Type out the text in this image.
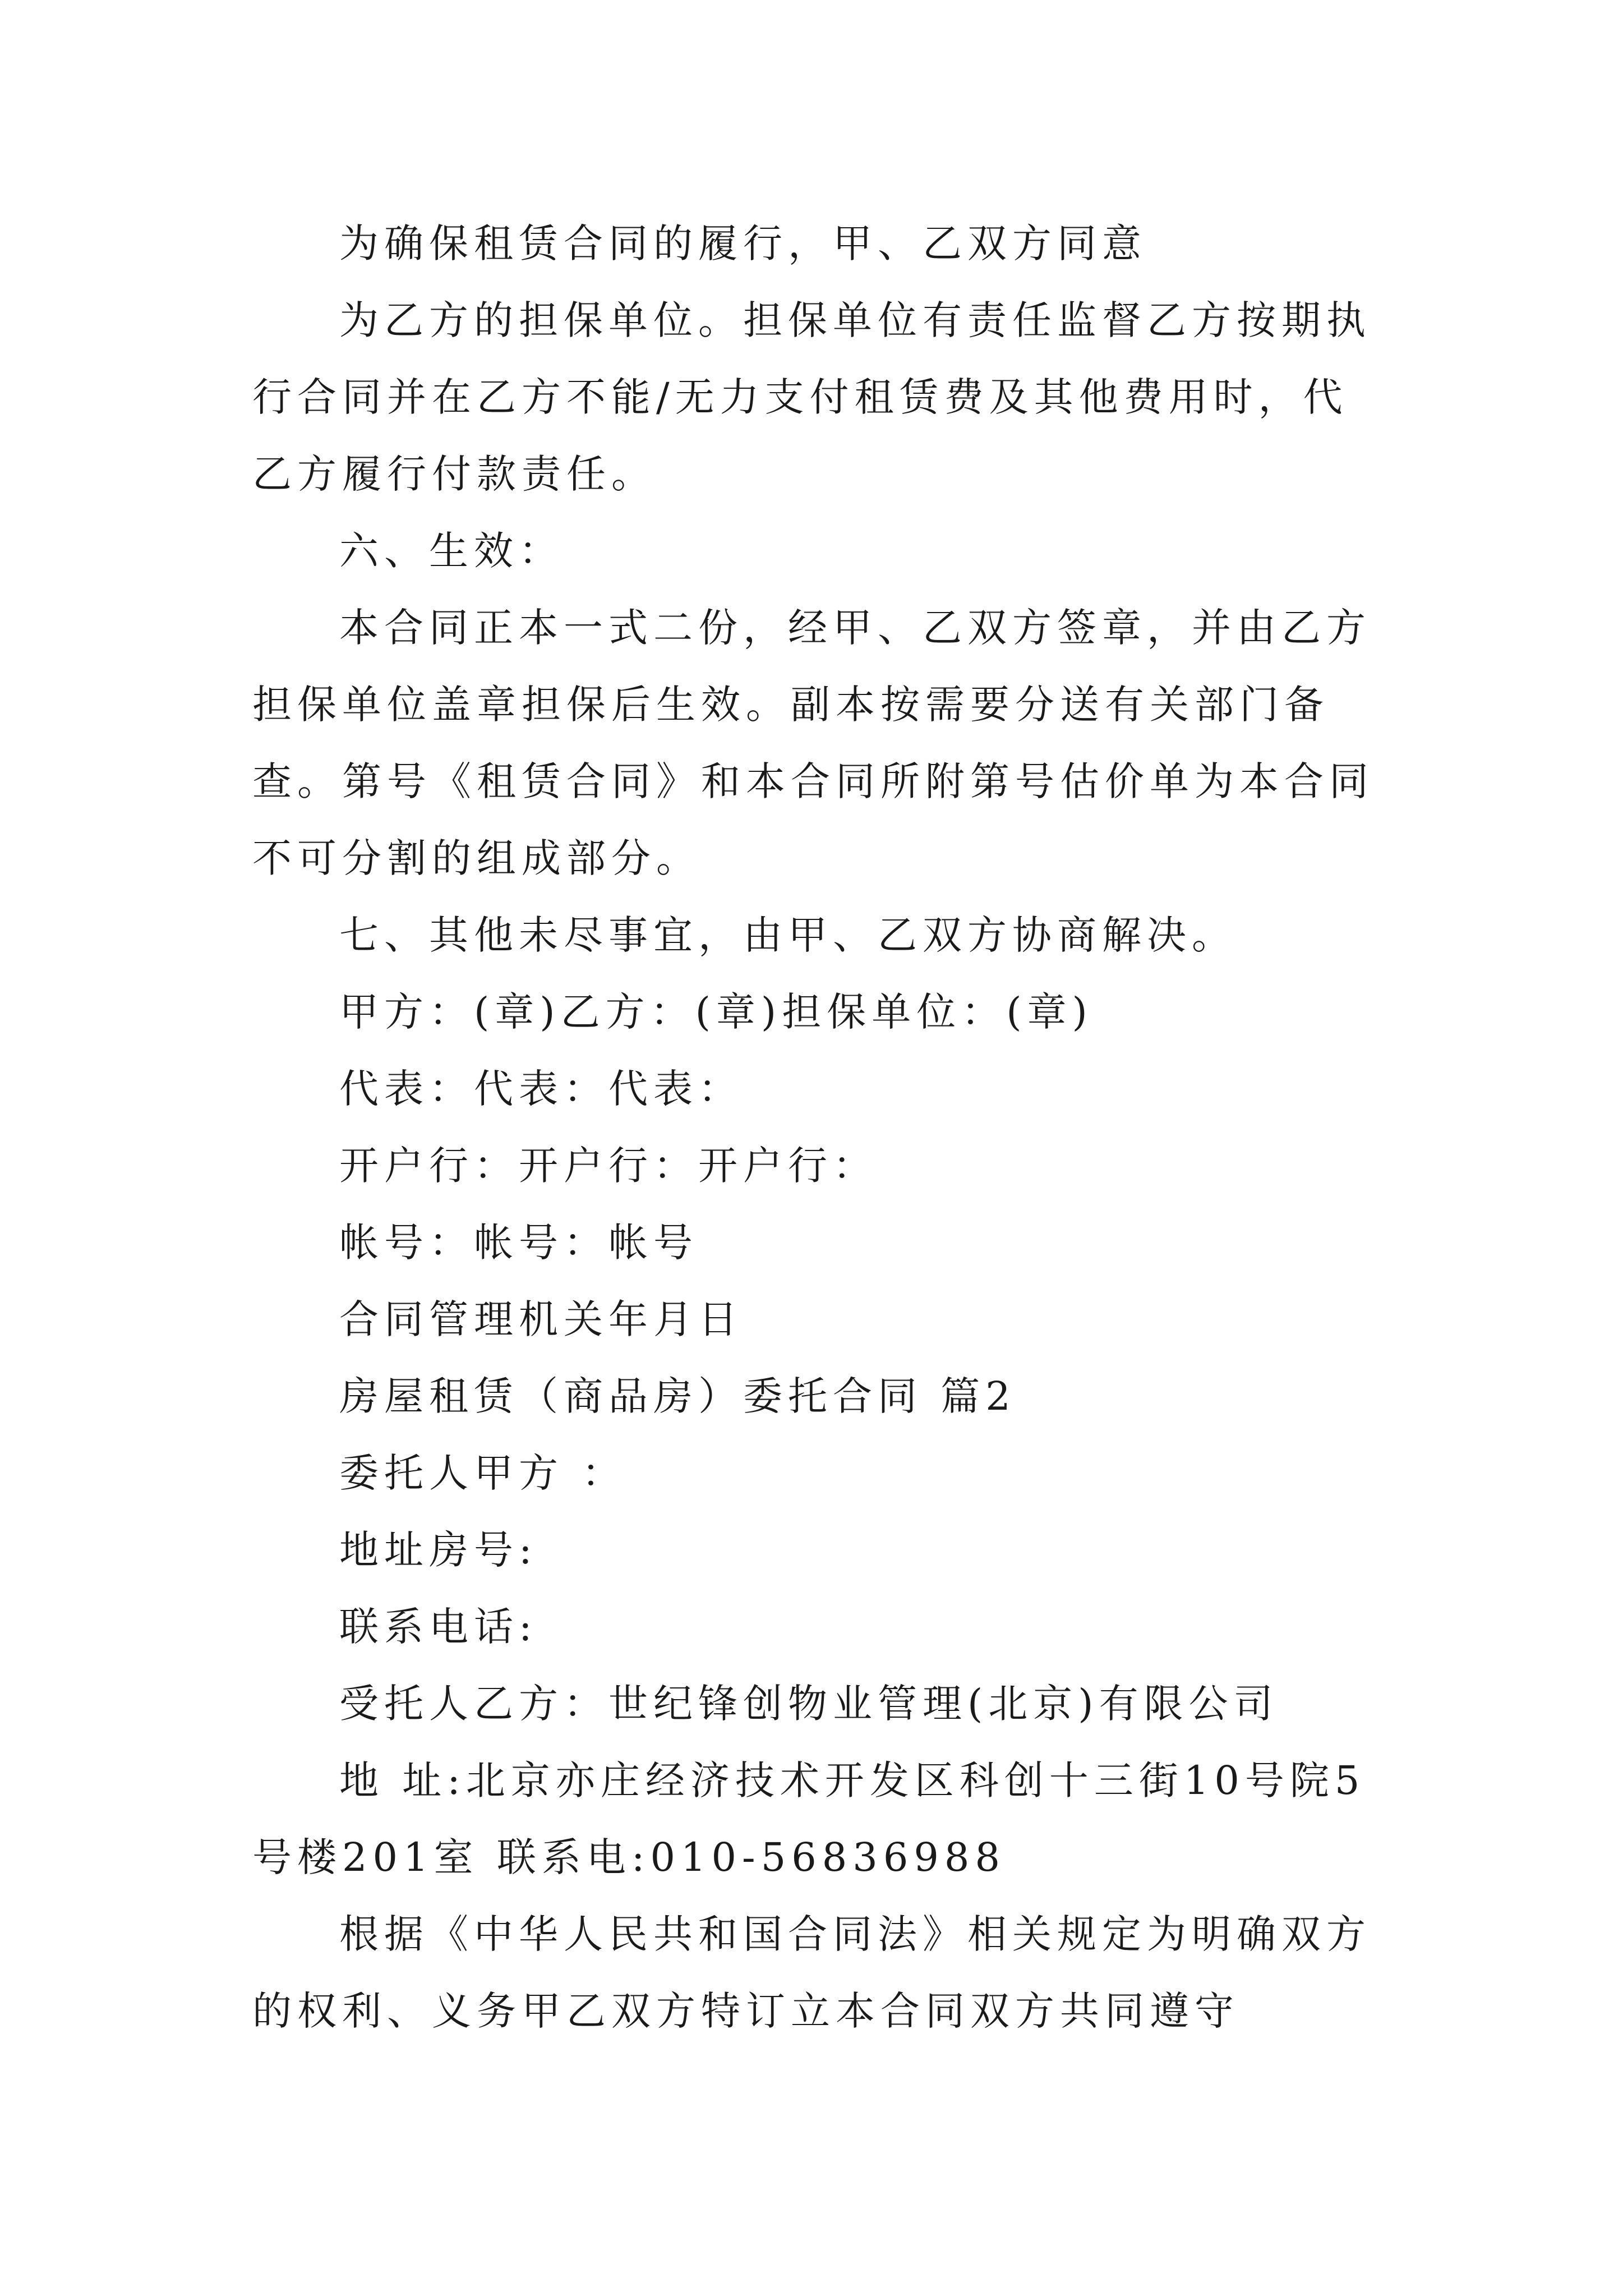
为确保租赁合同的履行，甲、乙双方同意

为乙方的担保单位。担保单位有责任监督乙方按期执行合同并在乙方不能/无力支付租赁费及其他费用时，代乙方履行付款责任。

六、生效：

本合同正本一式二份，经甲、乙双方签章，并由乙方担保单位盖章担保后生效。副本按需要分送有关部门备查。第号《租赁合同》和本合同所附第号估价单为本合同不可分割的组成部分。

七、其他未尽事宜，由甲、乙双方协商解决。

甲方：(章)乙方：(章)担保单位：(章)

代表：代表：代表：

开户行：开户行：开户行：

帐号：帐号：帐号

合同管理机关年月日

房屋租赁（商品房）委托合同 篇2

委托人甲方 ：

地址房号:

联系电话:

受托人乙方：世纪锋创物业管理(北京)有限公司

地 址:北京亦庄经济技术开发区科创十三街10号院5号楼201室 联系电:010-56836988

根据《中华人民共和国合同法》相关规定为明确双方的权利、义务甲乙双方特订立本合同双方共同遵守
